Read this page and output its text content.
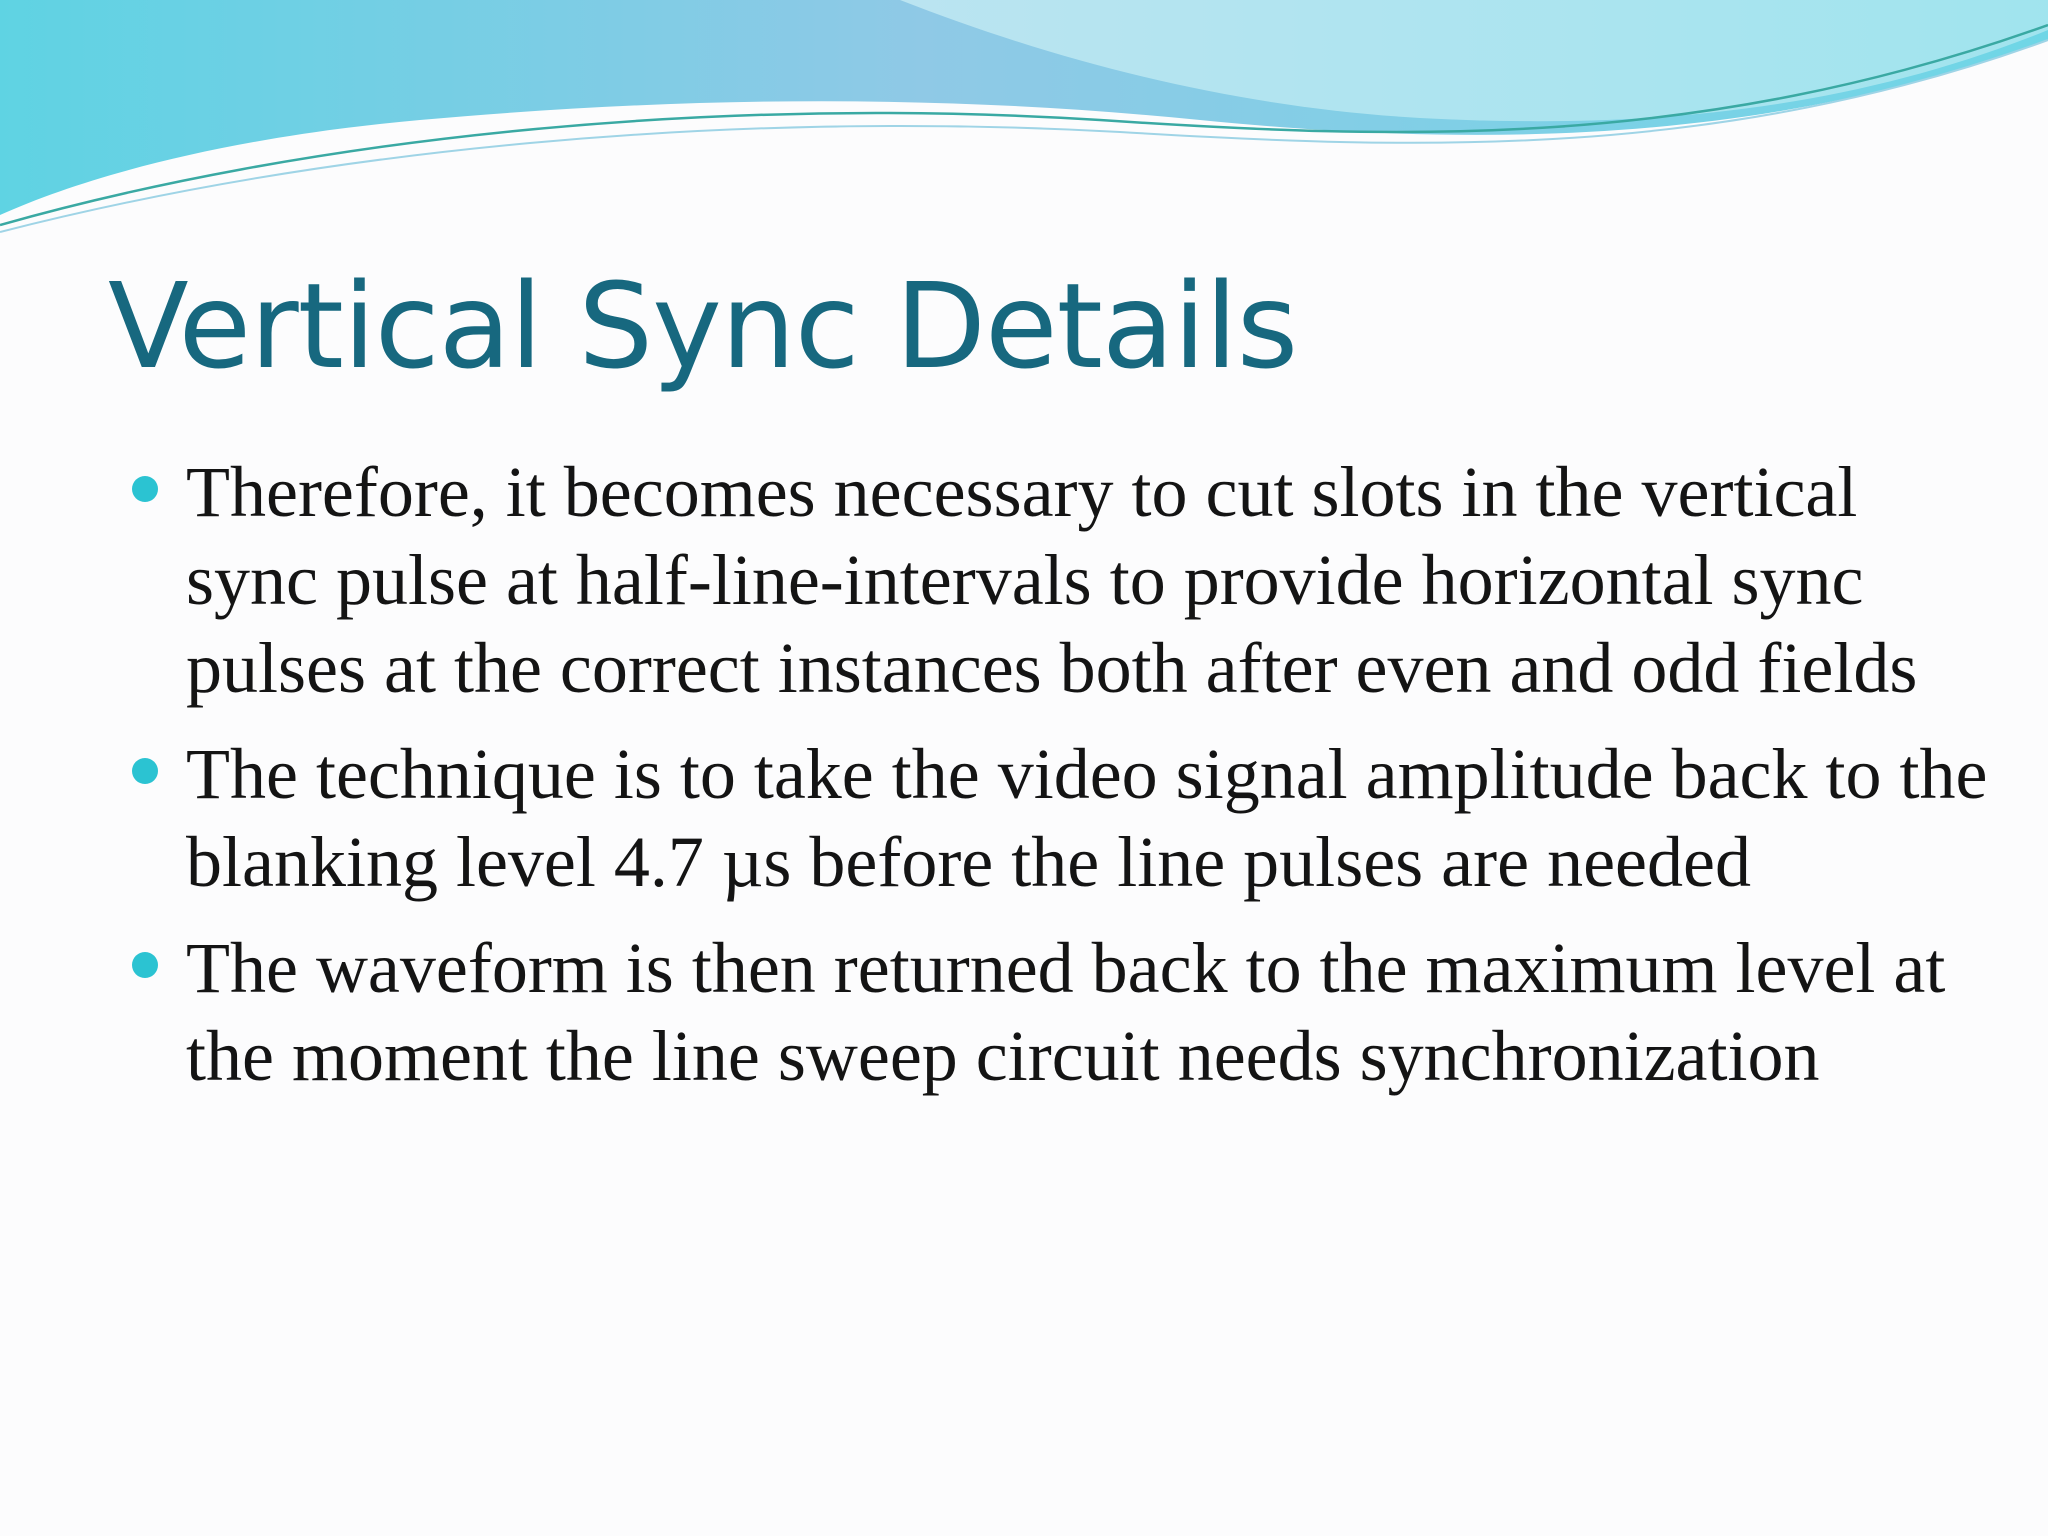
Vertical Sync Details
Therefore, it becomes necessary to cut slots in the vertical sync pulse at half-line-intervals to provide horizontal sync pulses at the correct instances both after even and odd fields
The technique is to take the video signal amplitude back to the blanking level 4.7 µs before the line pulses are needed
The waveform is then returned back to the maximum level at the moment the line sweep circuit needs synchronization
